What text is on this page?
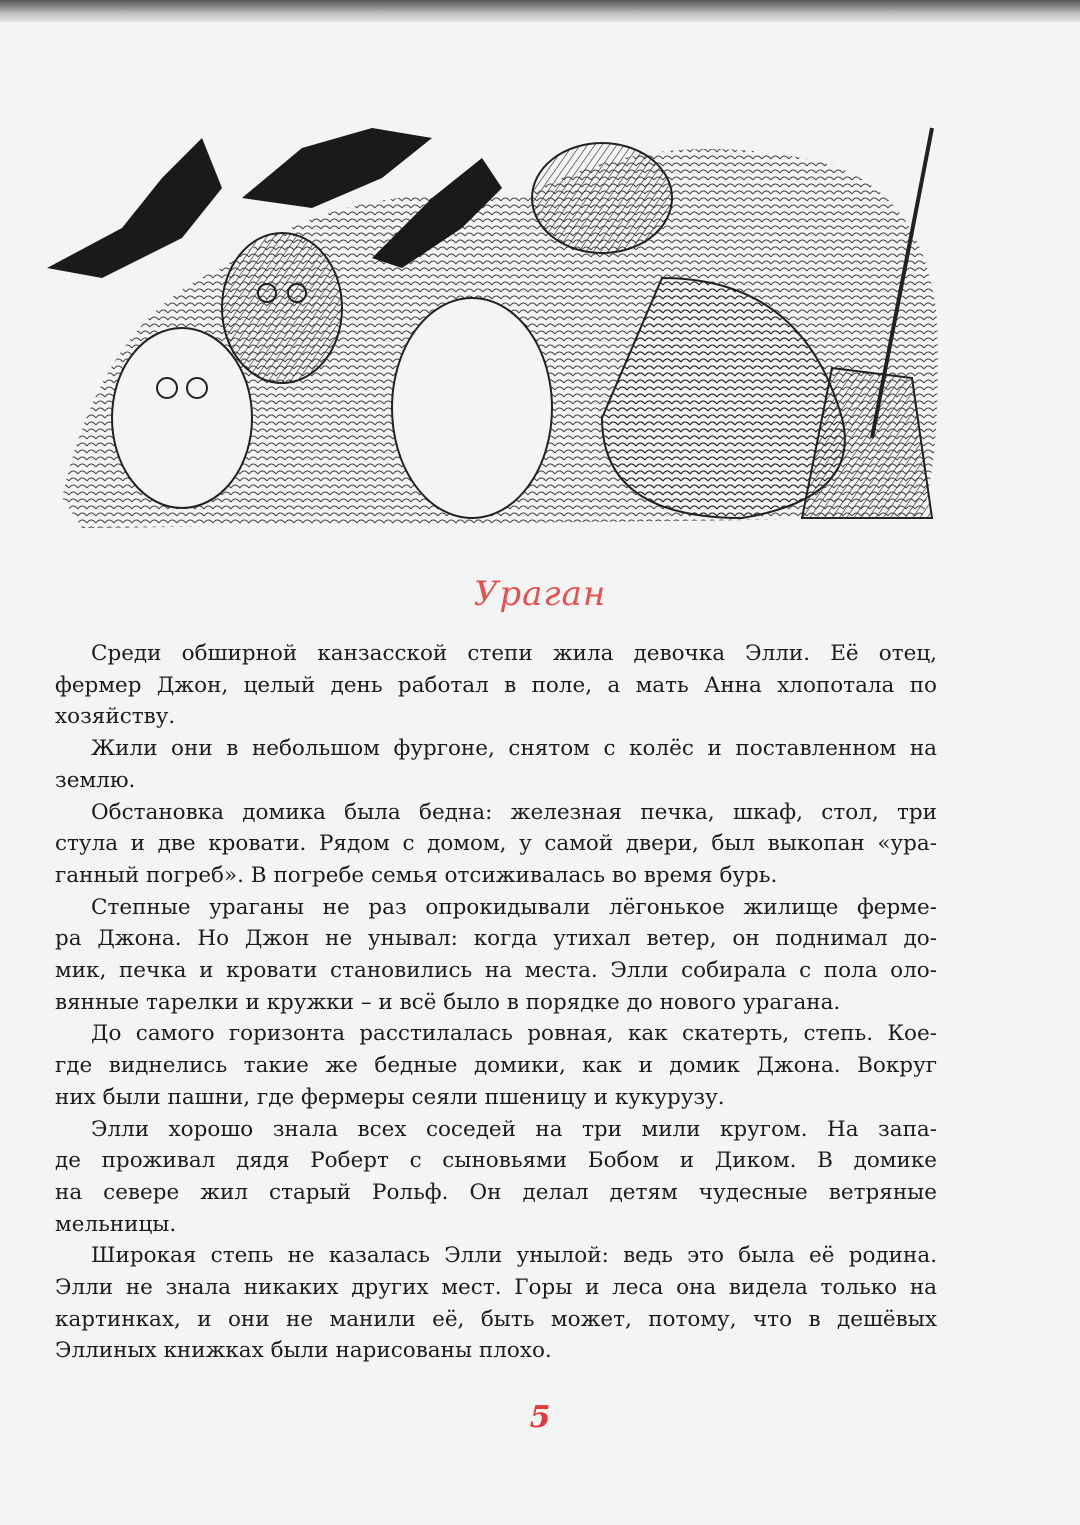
Ураган
Среди обширной канзасской степи жила девочка Элли. Её отец,
фермер Джон, целый день работал в поле, а мать Анна хлопотала по
хозяйству.
Жили они в небольшом фургоне, снятом с колёс и поставленном на
землю.
Обстановка домика была бедна: железная печка, шкаф, стол, три
стула и две кровати. Рядом с домом, у самой двери, был выкопан «ура-
ганный погреб». В погребе семья отсиживалась во время бурь.
Степные ураганы не раз опрокидывали лёгонькое жилище ферме-
ра Джона. Но Джон не унывал: когда утихал ветер, он поднимал до-
мик, печка и кровати становились на места. Элли собирала с пола оло-
вянные тарелки и кружки – и всё было в порядке до нового урагана.
До самого горизонта расстилалась ровная, как скатерть, степь. Кое-
где виднелись такие же бедные домики, как и домик Джона. Вокруг
них были пашни, где фермеры сеяли пшеницу и кукурузу.
Элли хорошо знала всех соседей на три мили кругом. На запа-
де проживал дядя Роберт с сыновьями Бобом и Диком. В домике
на севере жил старый Рольф. Он делал детям чудесные ветряные
мельницы.
Широкая степь не казалась Элли унылой: ведь это была её родина.
Элли не знала никаких других мест. Горы и леса она видела только на
картинках, и они не манили её, быть может, потому, что в дешёвых
Эллиных книжках были нарисованы плохо.
5
